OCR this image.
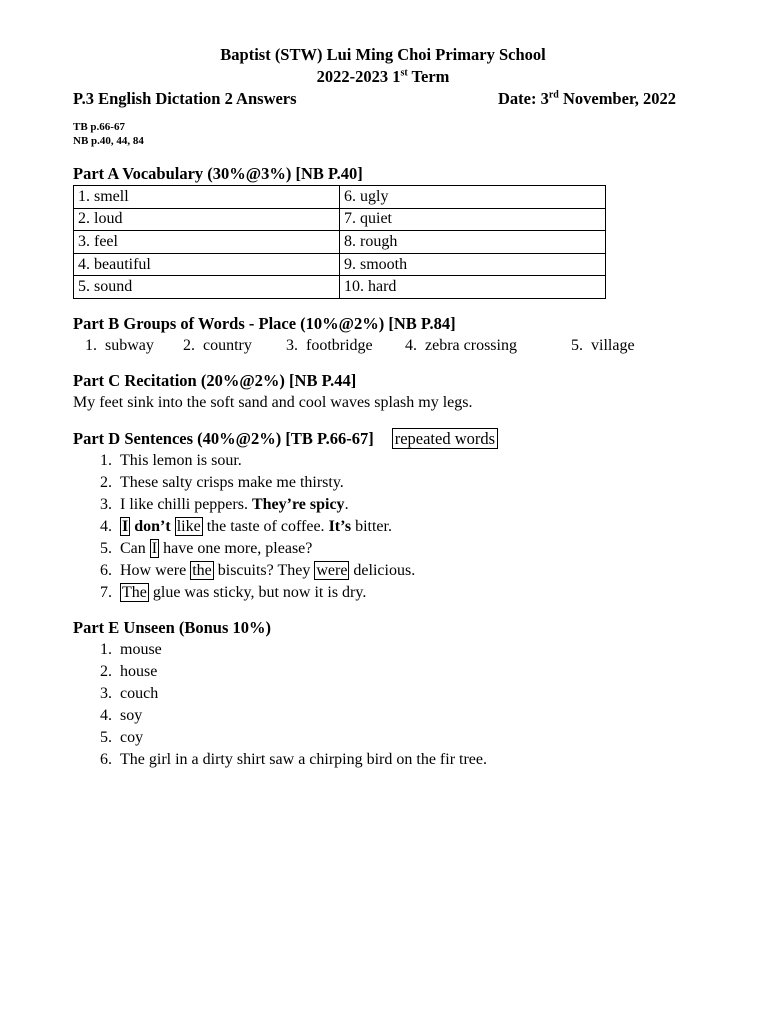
Baptist (STW) Lui Ming Choi Primary School
2022-2023 1st Term
P.3 English Dictation 2 Answers	Date: 3rd November, 2022
TB p.66-67
NB p.40, 44, 84
Part A Vocabulary (30%@3%) [NB P.40]
1. smell	6. ugly
2. loud	7. quiet
3. feel	8. rough
4. beautiful	9. smooth
5. sound	10. hard
Part B Groups of Words - Place (10%@2%) [NB P.84]
1. subway	2. country	3. footbridge	4. zebra crossing	5. village
Part C Recitation (20%@2%) [NB P.44]
My feet sink into the soft sand and cool waves splash my legs.
Part D Sentences (40%@2%) [TB P.66-67] repeated words
1. This lemon is sour.
2. These salty crisps make me thirsty.
3. I like chilli peppers. They’re spicy.
4. I don’t like the taste of coffee. It’s bitter.
5. Can I have one more, please?
6. How were the biscuits? They were delicious.
7. The glue was sticky, but now it is dry.
Part E Unseen (Bonus 10%)
1. mouse
2. house
3. couch
4. soy
5. coy
6. The girl in a dirty shirt saw a chirping bird on the fir tree.
